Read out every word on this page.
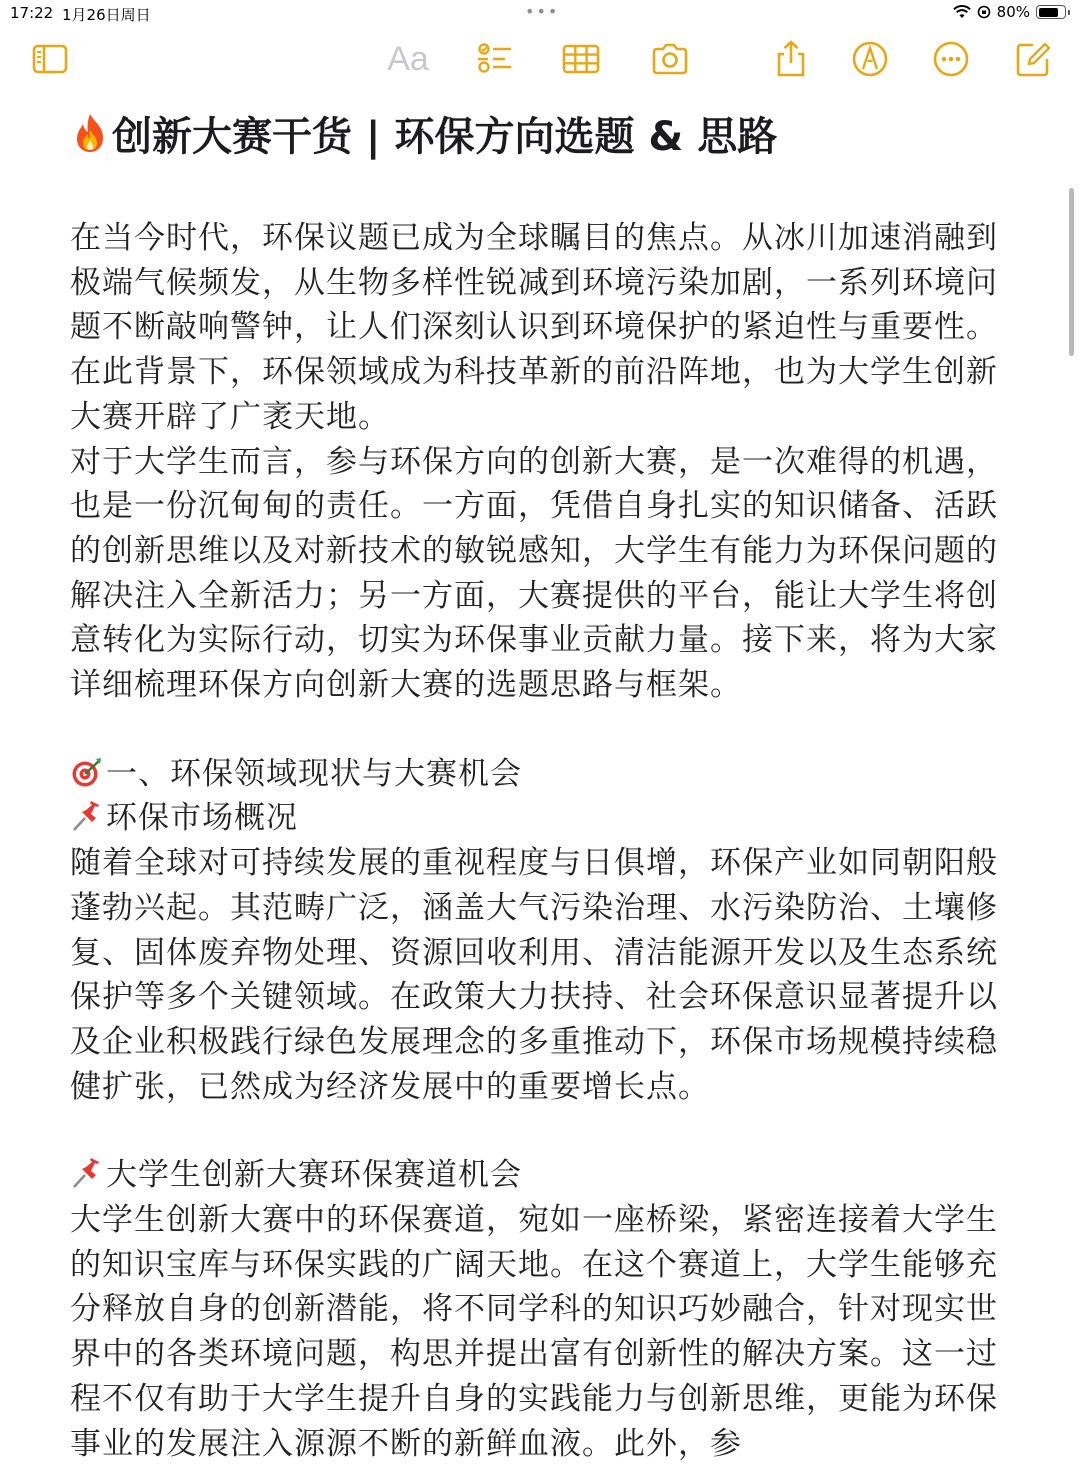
17:22 1月26日周日	•••	80%
Aa
创新大赛干货 | 环保方向选题 & 思路

在当今时代，环保议题已成为全球瞩目的焦点。从冰川加速消融到极端气候频发，从生物多样性锐减到环境污染加剧，一系列环境问题不断敲响警钟，让人们深刻认识到环境保护的紧迫性与重要性。在此背景下，环保领域成为科技革新的前沿阵地，也为大学生创新大赛开辟了广袤天地。

对于大学生而言，参与环保方向的创新大赛，是一次难得的机遇，也是一份沉甸甸的责任。一方面，凭借自身扎实的知识储备、活跃的创新思维以及对新技术的敏锐感知，大学生有能力为环保问题的解决注入全新活力；另一方面，大赛提供的平台，能让大学生将创意转化为实际行动，切实为环保事业贡献力量。接下来，将为大家详细梳理环保方向创新大赛的选题思路与框架。

一、环保领域现状与大赛机会

环保市场概况

随着全球对可持续发展的重视程度与日俱增，环保产业如同朝阳般蓬勃兴起。其范畴广泛，涵盖大气污染治理、水污染防治、土壤修复、固体废弃物处理、资源回收利用、清洁能源开发以及生态系统保护等多个关键领域。在政策大力扶持、社会环保意识显著提升以及企业积极践行绿色发展理念的多重推动下，环保市场规模持续稳健扩张，已然成为经济发展中的重要增长点。

大学生创新大赛环保赛道机会

大学生创新大赛中的环保赛道，宛如一座桥梁，紧密连接着大学生的知识宝库与环保实践的广阔天地。在这个赛道上，大学生能够充分释放自身的创新潜能，将不同学科的知识巧妙融合，针对现实世界中的各类环境问题，构思并提出富有创新性的解决方案。这一过程不仅有助于大学生提升自身的实践能力与创新思维，更能为环保事业的发展注入源源不断的新鲜血液。此外，参
